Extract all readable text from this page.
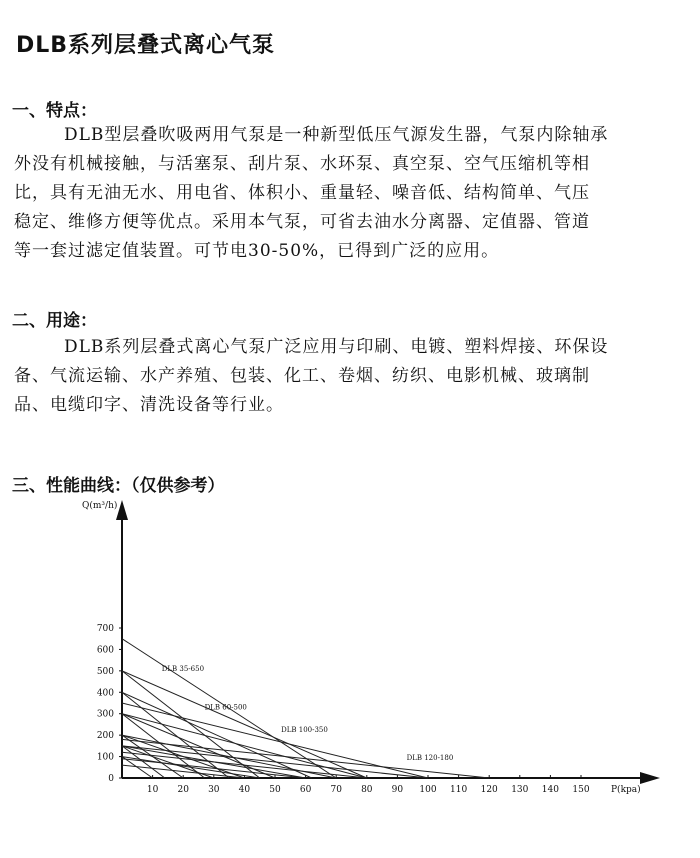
DLB系列层叠式离心气泵
一、特点：

DLB型层叠吹吸两用气泵是一种新型低压气源发生器，气泵内除轴承

外没有机械接触，与活塞泵、刮片泵、水环泵、真空泵、空气压缩机等相

比，具有无油无水、用电省、体积小、重量轻、噪音低、结构简单、气压

稳定、维修方便等优点。采用本气泵，可省去油水分离器、定值器、管道

等一套过滤定值装置。可节电30-50%，已得到广泛的应用。

二、用途：

DLB系列层叠式离心气泵广泛应用与印刷、电镀、塑料焊接、环保设

备、气流运输、水产养殖、包装、化工、卷烟、纺织、电影机械、玻璃制

品、电缆印字、清洗设备等行业。

三、性能曲线：（仅供参考）
0
100
200
300
400
500
600
700
10 20 30 40 50 60 70 80 90 100 110 120 130 140 150
Q(m³/h)
P(kpa)
DLB 35-650
DLB 60-500
DLB 100-350
DLB 120-180
